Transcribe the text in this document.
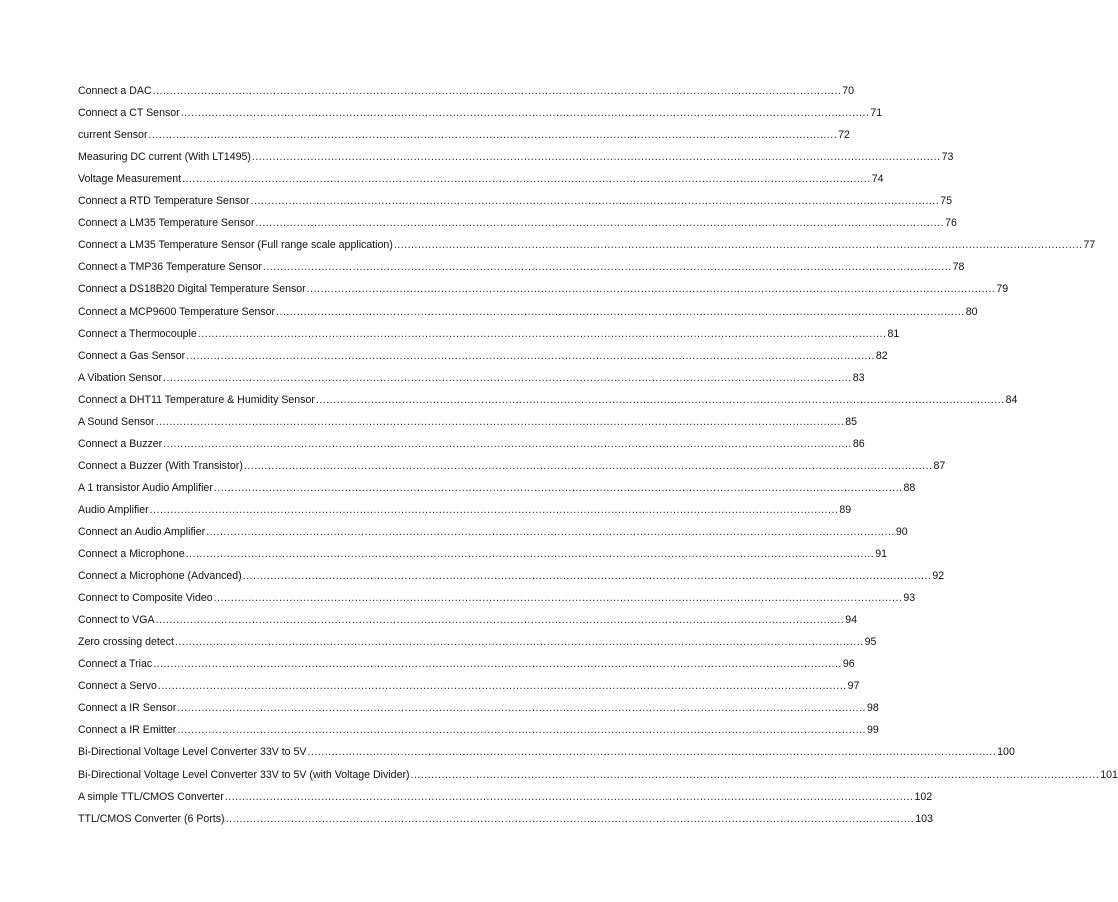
Connect a DAC ........................................................................................................................................................................................................ 70
Connect a CT Sensor ........................................................................................................................................................................................................ 71
current Sensor ........................................................................................................................................................................................................ 72
Measuring DC current (With LT1495) ........................................................................................................................................................................................................ 73
Voltage Measurement ........................................................................................................................................................................................................ 74
Connect a RTD Temperature Sensor ........................................................................................................................................................................................................ 75
Connect a LM35 Temperature Sensor ........................................................................................................................................................................................................ 76
Connect a LM35 Temperature Sensor (Full range scale application) ........................................................................................................................................................................................................ 77
Connect a TMP36 Temperature Sensor ........................................................................................................................................................................................................ 78
Connect a DS18B20 Digital Temperature Sensor ........................................................................................................................................................................................................ 79
Connect a MCP9600 Temperature Sensor ........................................................................................................................................................................................................ 80
Connect a Thermocouple ........................................................................................................................................................................................................ 81
Connect a Gas Sensor ........................................................................................................................................................................................................ 82
A Vibation Sensor ........................................................................................................................................................................................................ 83
Connect a DHT11 Temperature & Humidity Sensor ........................................................................................................................................................................................................ 84
A Sound Sensor ........................................................................................................................................................................................................ 85
Connect a Buzzer ........................................................................................................................................................................................................ 86
Connect a Buzzer (With Transistor) ........................................................................................................................................................................................................ 87
A 1 transistor Audio Amplifier ........................................................................................................................................................................................................ 88
Audio Amplifier ........................................................................................................................................................................................................ 89
Connect an Audio Amplifier ........................................................................................................................................................................................................ 90
Connect a Microphone ........................................................................................................................................................................................................ 91
Connect a Microphone (Advanced) ........................................................................................................................................................................................................ 92
Connect to Composite Video ........................................................................................................................................................................................................ 93
Connect to VGA ........................................................................................................................................................................................................ 94
Zero crossing detect ........................................................................................................................................................................................................ 95
Connect a Triac ........................................................................................................................................................................................................ 96
Connect a Servo ........................................................................................................................................................................................................ 97
Connect a IR Sensor ........................................................................................................................................................................................................ 98
Connect a IR Emitter ........................................................................................................................................................................................................ 99
Bi-Directional Voltage Level Converter 33V to 5V ........................................................................................................................................................................................................ 100
Bi-Directional Voltage Level Converter 33V to 5V (with Voltage Divider) ........................................................................................................................................................................................................ 101
A simple TTL/CMOS Converter ........................................................................................................................................................................................................ 102
TTL/CMOS Converter (6 Ports) ........................................................................................................................................................................................................ 103
